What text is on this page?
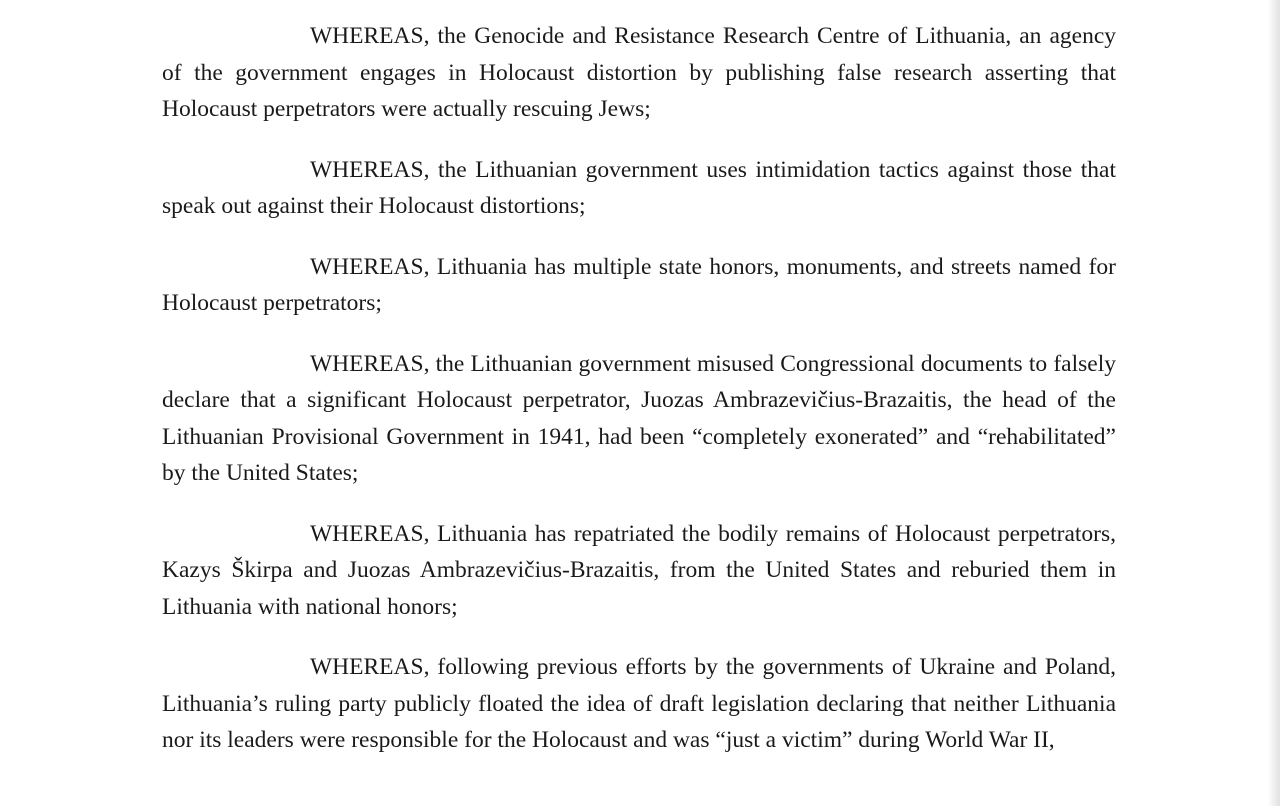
WHEREAS, the Genocide and Resistance Research Centre of Lithuania, an agency of the government engages in Holocaust distortion by publishing false research asserting that Holocaust perpetrators were actually rescuing Jews;

WHEREAS, the Lithuanian government uses intimidation tactics against those that speak out against their Holocaust distortions;

WHEREAS, Lithuania has multiple state honors, monuments, and streets named for Holocaust perpetrators;

WHEREAS, the Lithuanian government misused Congressional documents to falsely declare that a significant Holocaust perpetrator, Juozas Ambrazevičius-Brazaitis, the head of the Lithuanian Provisional Government in 1941, had been “completely exonerated” and “rehabilitated” by the United States;

WHEREAS, Lithuania has repatriated the bodily remains of Holocaust perpetrators, Kazys Škirpa and Juozas Ambrazevičius-Brazaitis, from the United States and reburied them in Lithuania with national honors;

WHEREAS, following previous efforts by the governments of Ukraine and Poland, Lithuania’s ruling party publicly floated the idea of draft legislation declaring that neither Lithuania nor its leaders were responsible for the Holocaust and was “just a victim” during World War II,
